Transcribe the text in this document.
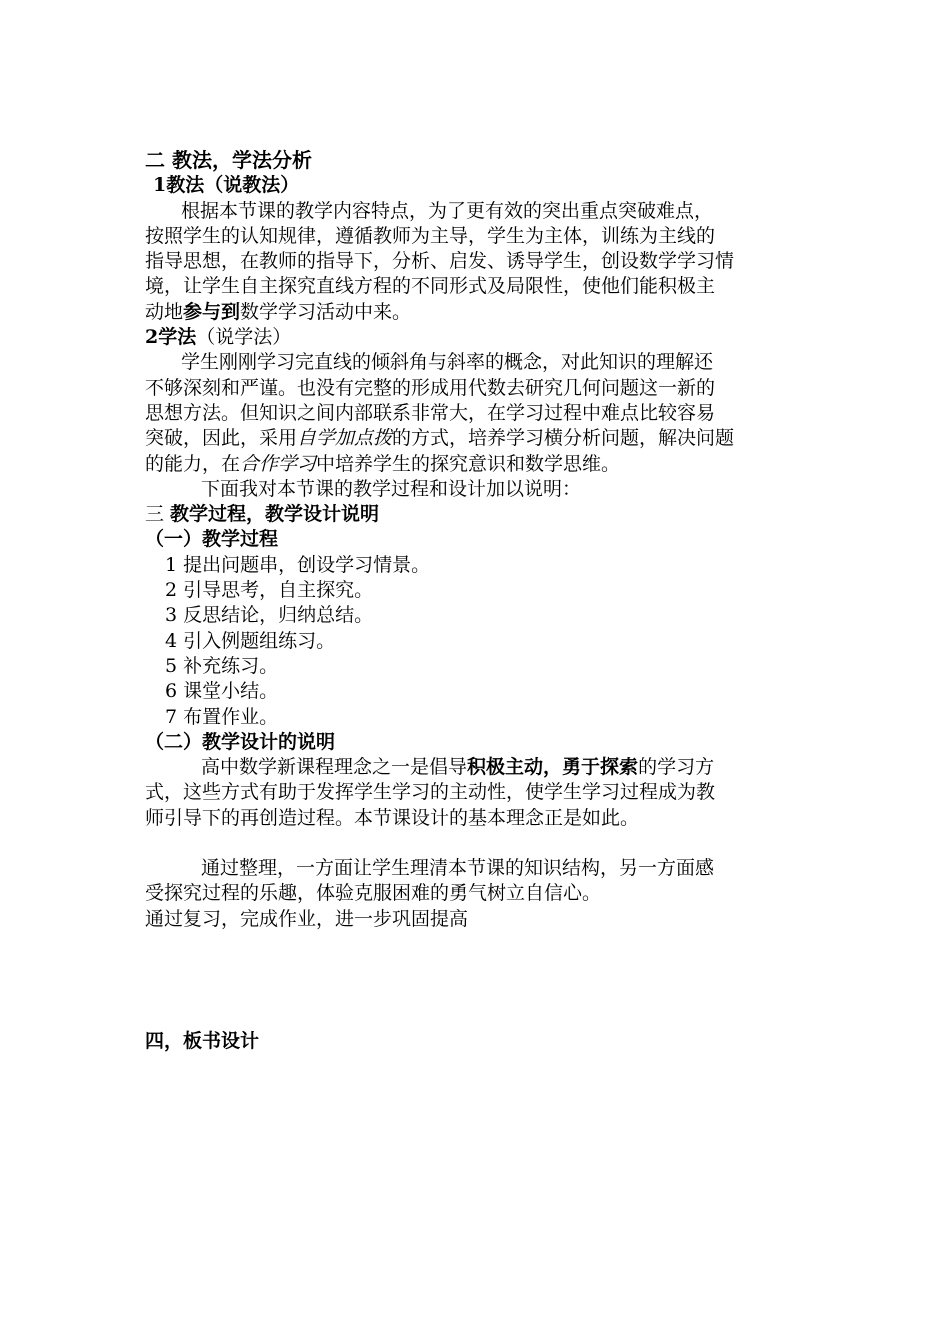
二 教法，学法分析
1教法（说教法）
根据本节课的教学内容特点，为了更有效的突出重点突破难点，
按照学生的认知规律，遵循教师为主导，学生为主体，训练为主线的
指导思想，在教师的指导下，分析、启发、诱导学生，创设数学学习情
境，让学生自主探究直线方程的不同形式及局限性，使他们能积极主
动地参与到数学学习活动中来。
2学法（说学法）
学生刚刚学习完直线的倾斜角与斜率的概念，对此知识的理解还
不够深刻和严谨。也没有完整的形成用代数去研究几何问题这一新的
思想方法。但知识之间内部联系非常大，在学习过程中难点比较容易
突破，因此，采用自学加点拨的方式，培养学习横分析问题，解决问题
的能力，在合作学习中培养学生的探究意识和数学思维。
下面我对本节课的教学过程和设计加以说明：
三 教学过程，教学设计说明
（一）教学过程
1 提出问题串，创设学习情景。
2 引导思考，自主探究。
3 反思结论，归纳总结。
4 引入例题组练习。
5 补充练习。
6 课堂小结。
7 布置作业。
（二）教学设计的说明
高中数学新课程理念之一是倡导积极主动，勇于探索的学习方
式，这些方式有助于发挥学生学习的主动性，使学生学习过程成为教
师引导下的再创造过程。本节课设计的基本理念正是如此。
通过整理，一方面让学生理清本节课的知识结构，另一方面感
受探究过程的乐趣，体验克服困难的勇气树立自信心。
通过复习，完成作业，进一步巩固提高
四，板书设计
